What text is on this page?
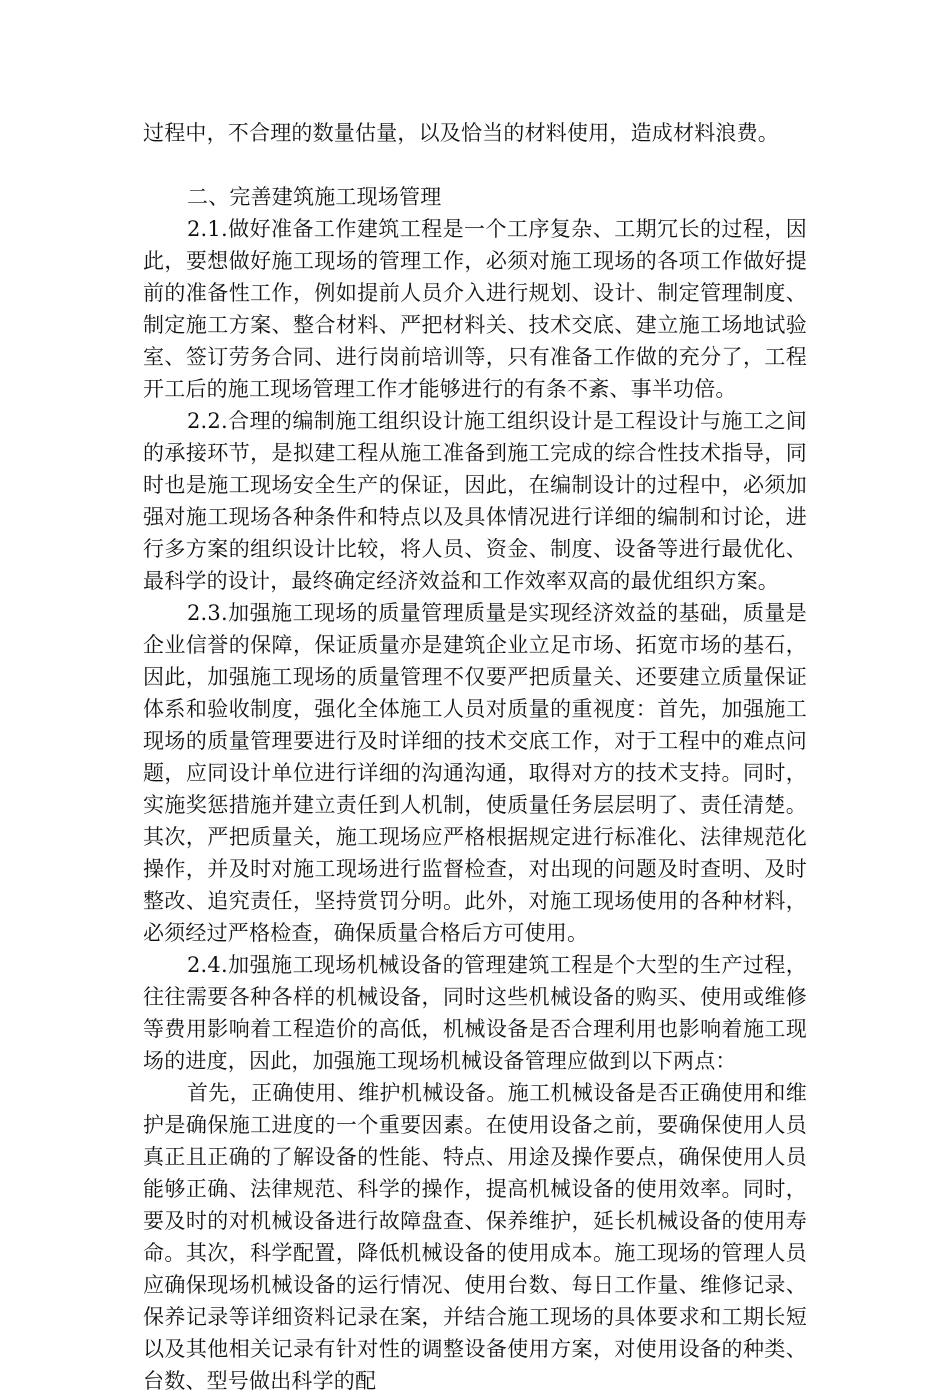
过程中，不合理的数量估量，以及恰当的材料使用，造成材料浪费。

二、完善建筑施工现场管理

2.1.做好准备工作建筑工程是一个工序复杂、工期冗长的过程，因此，要想做好施工现场的管理工作，必须对施工现场的各项工作做好提前的准备性工作，例如提前人员介入进行规划、设计、制定管理制度、制定施工方案、整合材料、严把材料关、技术交底、建立施工场地试验室、签订劳务合同、进行岗前培训等，只有准备工作做的充分了，工程开工后的施工现场管理工作才能够进行的有条不紊、事半功倍。

2.2.合理的编制施工组织设计施工组织设计是工程设计与施工之间的承接环节，是拟建工程从施工准备到施工完成的综合性技术指导，同时也是施工现场安全生产的保证，因此，在编制设计的过程中，必须加强对施工现场各种条件和特点以及具体情况进行详细的编制和讨论，进行多方案的组织设计比较，将人员、资金、制度、设备等进行最优化、最科学的设计，最终确定经济效益和工作效率双高的最优组织方案。

2.3.加强施工现场的质量管理质量是实现经济效益的基础，质量是企业信誉的保障，保证质量亦是建筑企业立足市场、拓宽市场的基石，因此，加强施工现场的质量管理不仅要严把质量关、还要建立质量保证体系和验收制度，强化全体施工人员对质量的重视度：首先，加强施工现场的质量管理要进行及时详细的技术交底工作，对于工程中的难点问题，应同设计单位进行详细的沟通沟通，取得对方的技术支持。同时，实施奖惩措施并建立责任到人机制，使质量任务层层明了、责任清楚。其次，严把质量关，施工现场应严格根据规定进行标准化、法律规范化操作，并及时对施工现场进行监督检查，对出现的问题及时查明、及时整改、追究责任，坚持赏罚分明。此外，对施工现场使用的各种材料，必须经过严格检查，确保质量合格后方可使用。

2.4.加强施工现场机械设备的管理建筑工程是个大型的生产过程，往往需要各种各样的机械设备，同时这些机械设备的购买、使用或维修等费用影响着工程造价的高低，机械设备是否合理利用也影响着施工现场的进度，因此，加强施工现场机械设备管理应做到以下两点：

首先，正确使用、维护机械设备。施工机械设备是否正确使用和维护是确保施工进度的一个重要因素。在使用设备之前，要确保使用人员真正且正确的了解设备的性能、特点、用途及操作要点，确保使用人员能够正确、法律规范、科学的操作，提高机械设备的使用效率。同时，要及时的对机械设备进行故障盘查、保养维护，延长机械设备的使用寿命。其次，科学配置，降低机械设备的使用成本。施工现场的管理人员应确保现场机械设备的运行情况、使用台数、每日工作量、维修记录、保养记录等详细资料记录在案，并结合施工现场的具体要求和工期长短以及其他相关记录有针对性的调整设备使用方案，对使用设备的种类、台数、型号做出科学的配
